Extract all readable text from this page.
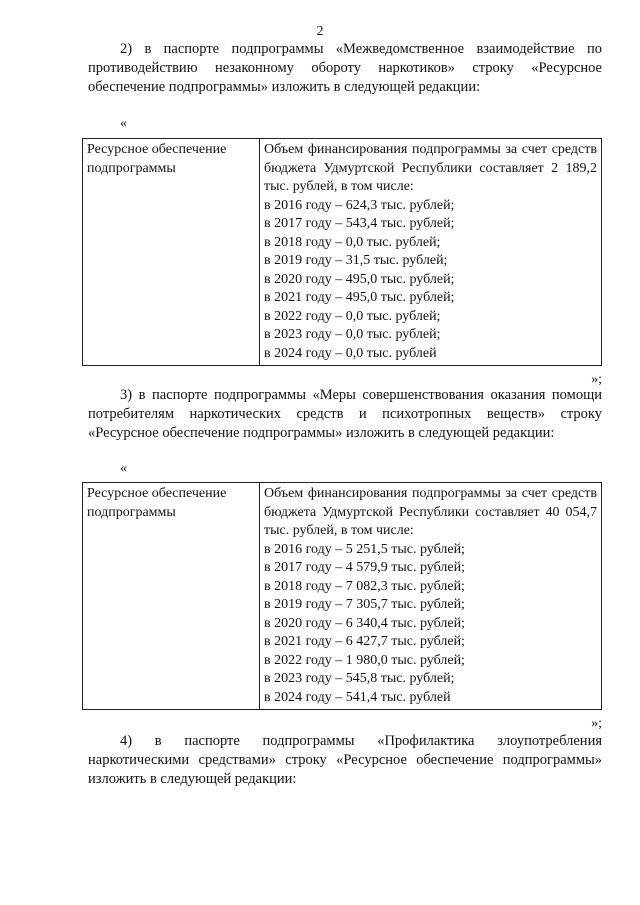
2

2) в паспорте подпрограммы «Межведомственное взаимодействие по противодействию незаконному обороту наркотиков» строку «Ресурсное обеспечение подпрограммы» изложить в следующей редакции:

«
Ресурсное обеспечение подпрограммы	
Объем финансирования подпрограммы за счет средств бюджета Удмуртской Республики составляет 2 189,2 тыс. рублей, в том числе:
в 2016 году – 624,3 тыс. рублей;
в 2017 году – 543,4 тыс. рублей;
в 2018 году – 0,0 тыс. рублей;
в 2019 году – 31,5 тыс. рублей;
в 2020 году – 495,0 тыс. рублей;
в 2021 году – 495,0 тыс. рублей;
в 2022 году – 0,0 тыс. рублей;
в 2023 году – 0,0 тыс. рублей;
в 2024 году – 0,0 тыс. рублей
»;

3) в паспорте подпрограммы «Меры совершенствования оказания помощи потребителям наркотических средств и психотропных веществ» строку «Ресурсное обеспечение подпрограммы» изложить в следующей редакции:

«
Ресурсное обеспечение подпрограммы	
Объем финансирования подпрограммы за счет средств бюджета Удмуртской Республики составляет 40 054,7 тыс. рублей, в том числе:
в 2016 году – 5 251,5 тыс. рублей;
в 2017 году – 4 579,9 тыс. рублей;
в 2018 году – 7 082,3 тыс. рублей;
в 2019 году – 7 305,7 тыс. рублей;
в 2020 году – 6 340,4 тыс. рублей;
в 2021 году – 6 427,7 тыс. рублей;
в 2022 году – 1 980,0 тыс. рублей;
в 2023 году – 545,8 тыс. рублей;
в 2024 году – 541,4 тыс. рублей
»;

4) в паспорте подпрограммы «Профилактика злоупотребления наркотическими средствами» строку «Ресурсное обеспечение подпрограммы» изложить в следующей редакции:
